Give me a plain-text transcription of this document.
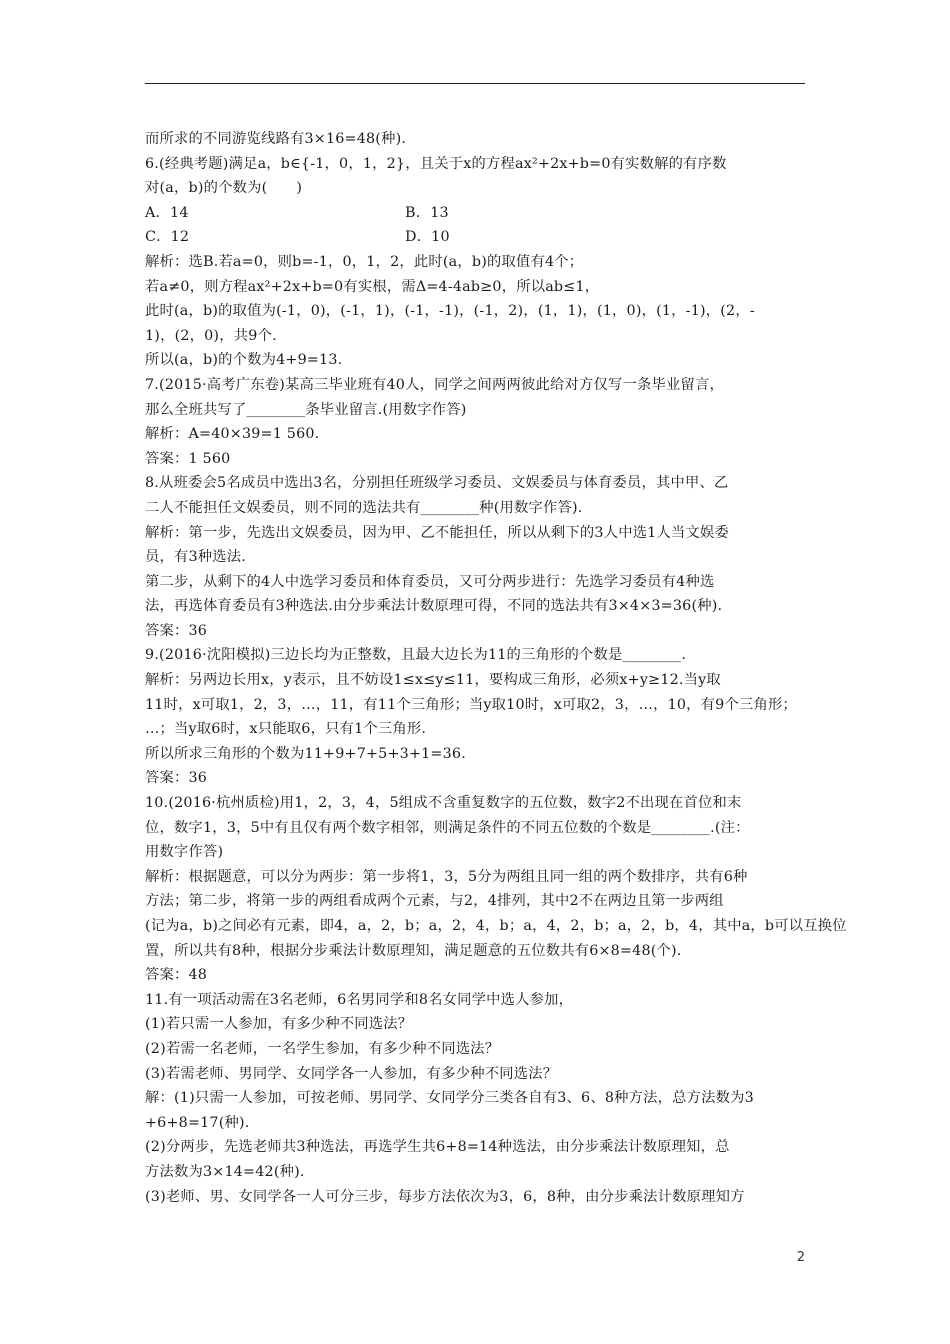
而所求的不同游览线路有3×16=48(种).
6.(经典考题)满足a，b∈{-1，0，1，2}，且关于x的方程ax²+2x+b=0有实数解的有序数
对(a，b)的个数为(　　)
A．14	B．13
C．12	D．10
解析：选B.若a=0，则b=-1，0，1，2，此时(a，b)的取值有4个；
若a≠0，则方程ax²+2x+b=0有实根，需Δ=4-4ab≥0，所以ab≤1，
此时(a，b)的取值为(-1，0)，(-1，1)，(-1，-1)，(-1，2)，(1，1)，(1，0)，(1，-1)，(2，-
1)，(2，0)，共9个.
所以(a，b)的个数为4+9=13.
7.(2015·高考广东卷)某高三毕业班有40人，同学之间两两彼此给对方仅写一条毕业留言，
那么全班共写了________条毕业留言.(用数字作答)
解析：A=40×39=1 560.
答案：1 560
8.从班委会5名成员中选出3名，分别担任班级学习委员、文娱委员与体育委员，其中甲、乙
二人不能担任文娱委员，则不同的选法共有________种(用数字作答).
解析：第一步，先选出文娱委员，因为甲、乙不能担任，所以从剩下的3人中选1人当文娱委
员，有3种选法.
第二步，从剩下的4人中选学习委员和体育委员，又可分两步进行：先选学习委员有4种选
法，再选体育委员有3种选法.由分步乘法计数原理可得，不同的选法共有3×4×3=36(种).
答案：36
9.(2016·沈阳模拟)三边长均为正整数，且最大边长为11的三角形的个数是________.
解析：另两边长用x，y表示，且不妨设1≤x≤y≤11，要构成三角形，必须x+y≥12.当y取
11时，x可取1，2，3，…，11，有11个三角形；当y取10时，x可取2，3，…，10，有9个三角形；
…；当y取6时，x只能取6，只有1个三角形.
所以所求三角形的个数为11+9+7+5+3+1=36.
答案：36
10.(2016·杭州质检)用1，2，3，4，5组成不含重复数字的五位数，数字2不出现在首位和末
位，数字1，3，5中有且仅有两个数字相邻，则满足条件的不同五位数的个数是________.(注：
用数字作答)
解析：根据题意，可以分为两步：第一步将1，3，5分为两组且同一组的两个数排序，共有6种
方法；第二步，将第一步的两组看成两个元素，与2，4排列，其中2不在两边且第一步两组
(记为a，b)之间必有元素，即4，a，2，b；a，2，4，b；a，4，2，b；a，2，b，4，其中a，b可以互换位
置，所以共有8种，根据分步乘法计数原理知，满足题意的五位数共有6×8=48(个).
答案：48
11.有一项活动需在3名老师，6名男同学和8名女同学中选人参加，
(1)若只需一人参加，有多少种不同选法？
(2)若需一名老师，一名学生参加，有多少种不同选法？
(3)若需老师、男同学、女同学各一人参加，有多少种不同选法？
解：(1)只需一人参加，可按老师、男同学、女同学分三类各自有3、6、8种方法，总方法数为3
+6+8=17(种).
(2)分两步，先选老师共3种选法，再选学生共6+8=14种选法，由分步乘法计数原理知，总
方法数为3×14=42(种).
(3)老师、男、女同学各一人可分三步，每步方法依次为3，6，8种，由分步乘法计数原理知方
2
